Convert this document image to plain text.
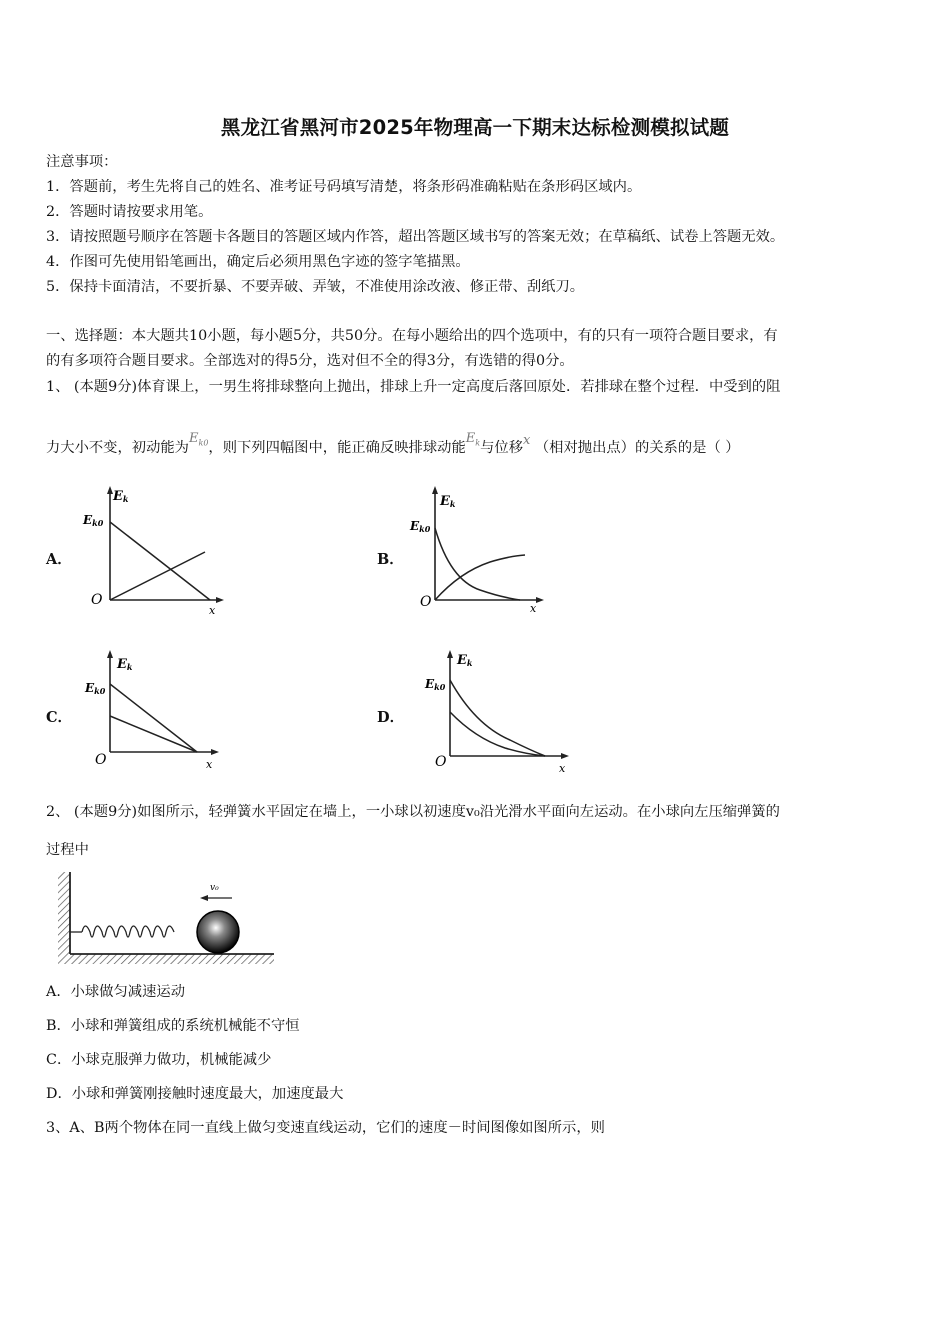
黑龙江省黑河市2025年物理高一下期末达标检测模拟试题
注意事项：
1．答题前，考生先将自己的姓名、准考证号码填写清楚，将条形码准确粘贴在条形码区域内。
2．答题时请按要求用笔。
3．请按照题号顺序在答题卡各题目的答题区域内作答，超出答题区域书写的答案无效；在草稿纸、试卷上答题无效。
4．作图可先使用铅笔画出，确定后必须用黑色字迹的签字笔描黑。
5．保持卡面清洁，不要折暴、不要弄破、弄皱，不准使用涂改液、修正带、刮纸刀。
一、选择题：本大题共10小题，每小题5分，共50分。在每小题给出的四个选项中，有的只有一项符合题目要求，有
的有多项符合题目要求。全部选对的得5分，选对但不全的得3分，有选错的得0分。
1、 (本题9分)体育课上，一男生将排球整向上抛出，排球上升一定高度后落回原处．若排球在整个过程．中受到的阻
力大小不变，初动能为$E_{k0}$，则下列四幅图中，能正确反映排球动能$E_k$与位移x （相对抛出点）的关系的是（ ）
A．
Ek
Ek0
O
x
B．
Ek
Ek0
O	x
C．
Ek
Ek0
O	x
D．
Ek
Ek0
O	x
2、 (本题9分)如图所示，轻弹簧水平固定在墙上，一小球以初速度v₀沿光滑水平面向左运动。在小球向左压缩弹簧的
过程中
v₀
A．小球做匀减速运动
B．小球和弹簧组成的系统机械能不守恒
C．小球克服弹力做功，机械能减少
D．小球和弹簧刚接触时速度最大，加速度最大
3、A、B两个物体在同一直线上做匀变速直线运动，它们的速度－时间图像如图所示，则
